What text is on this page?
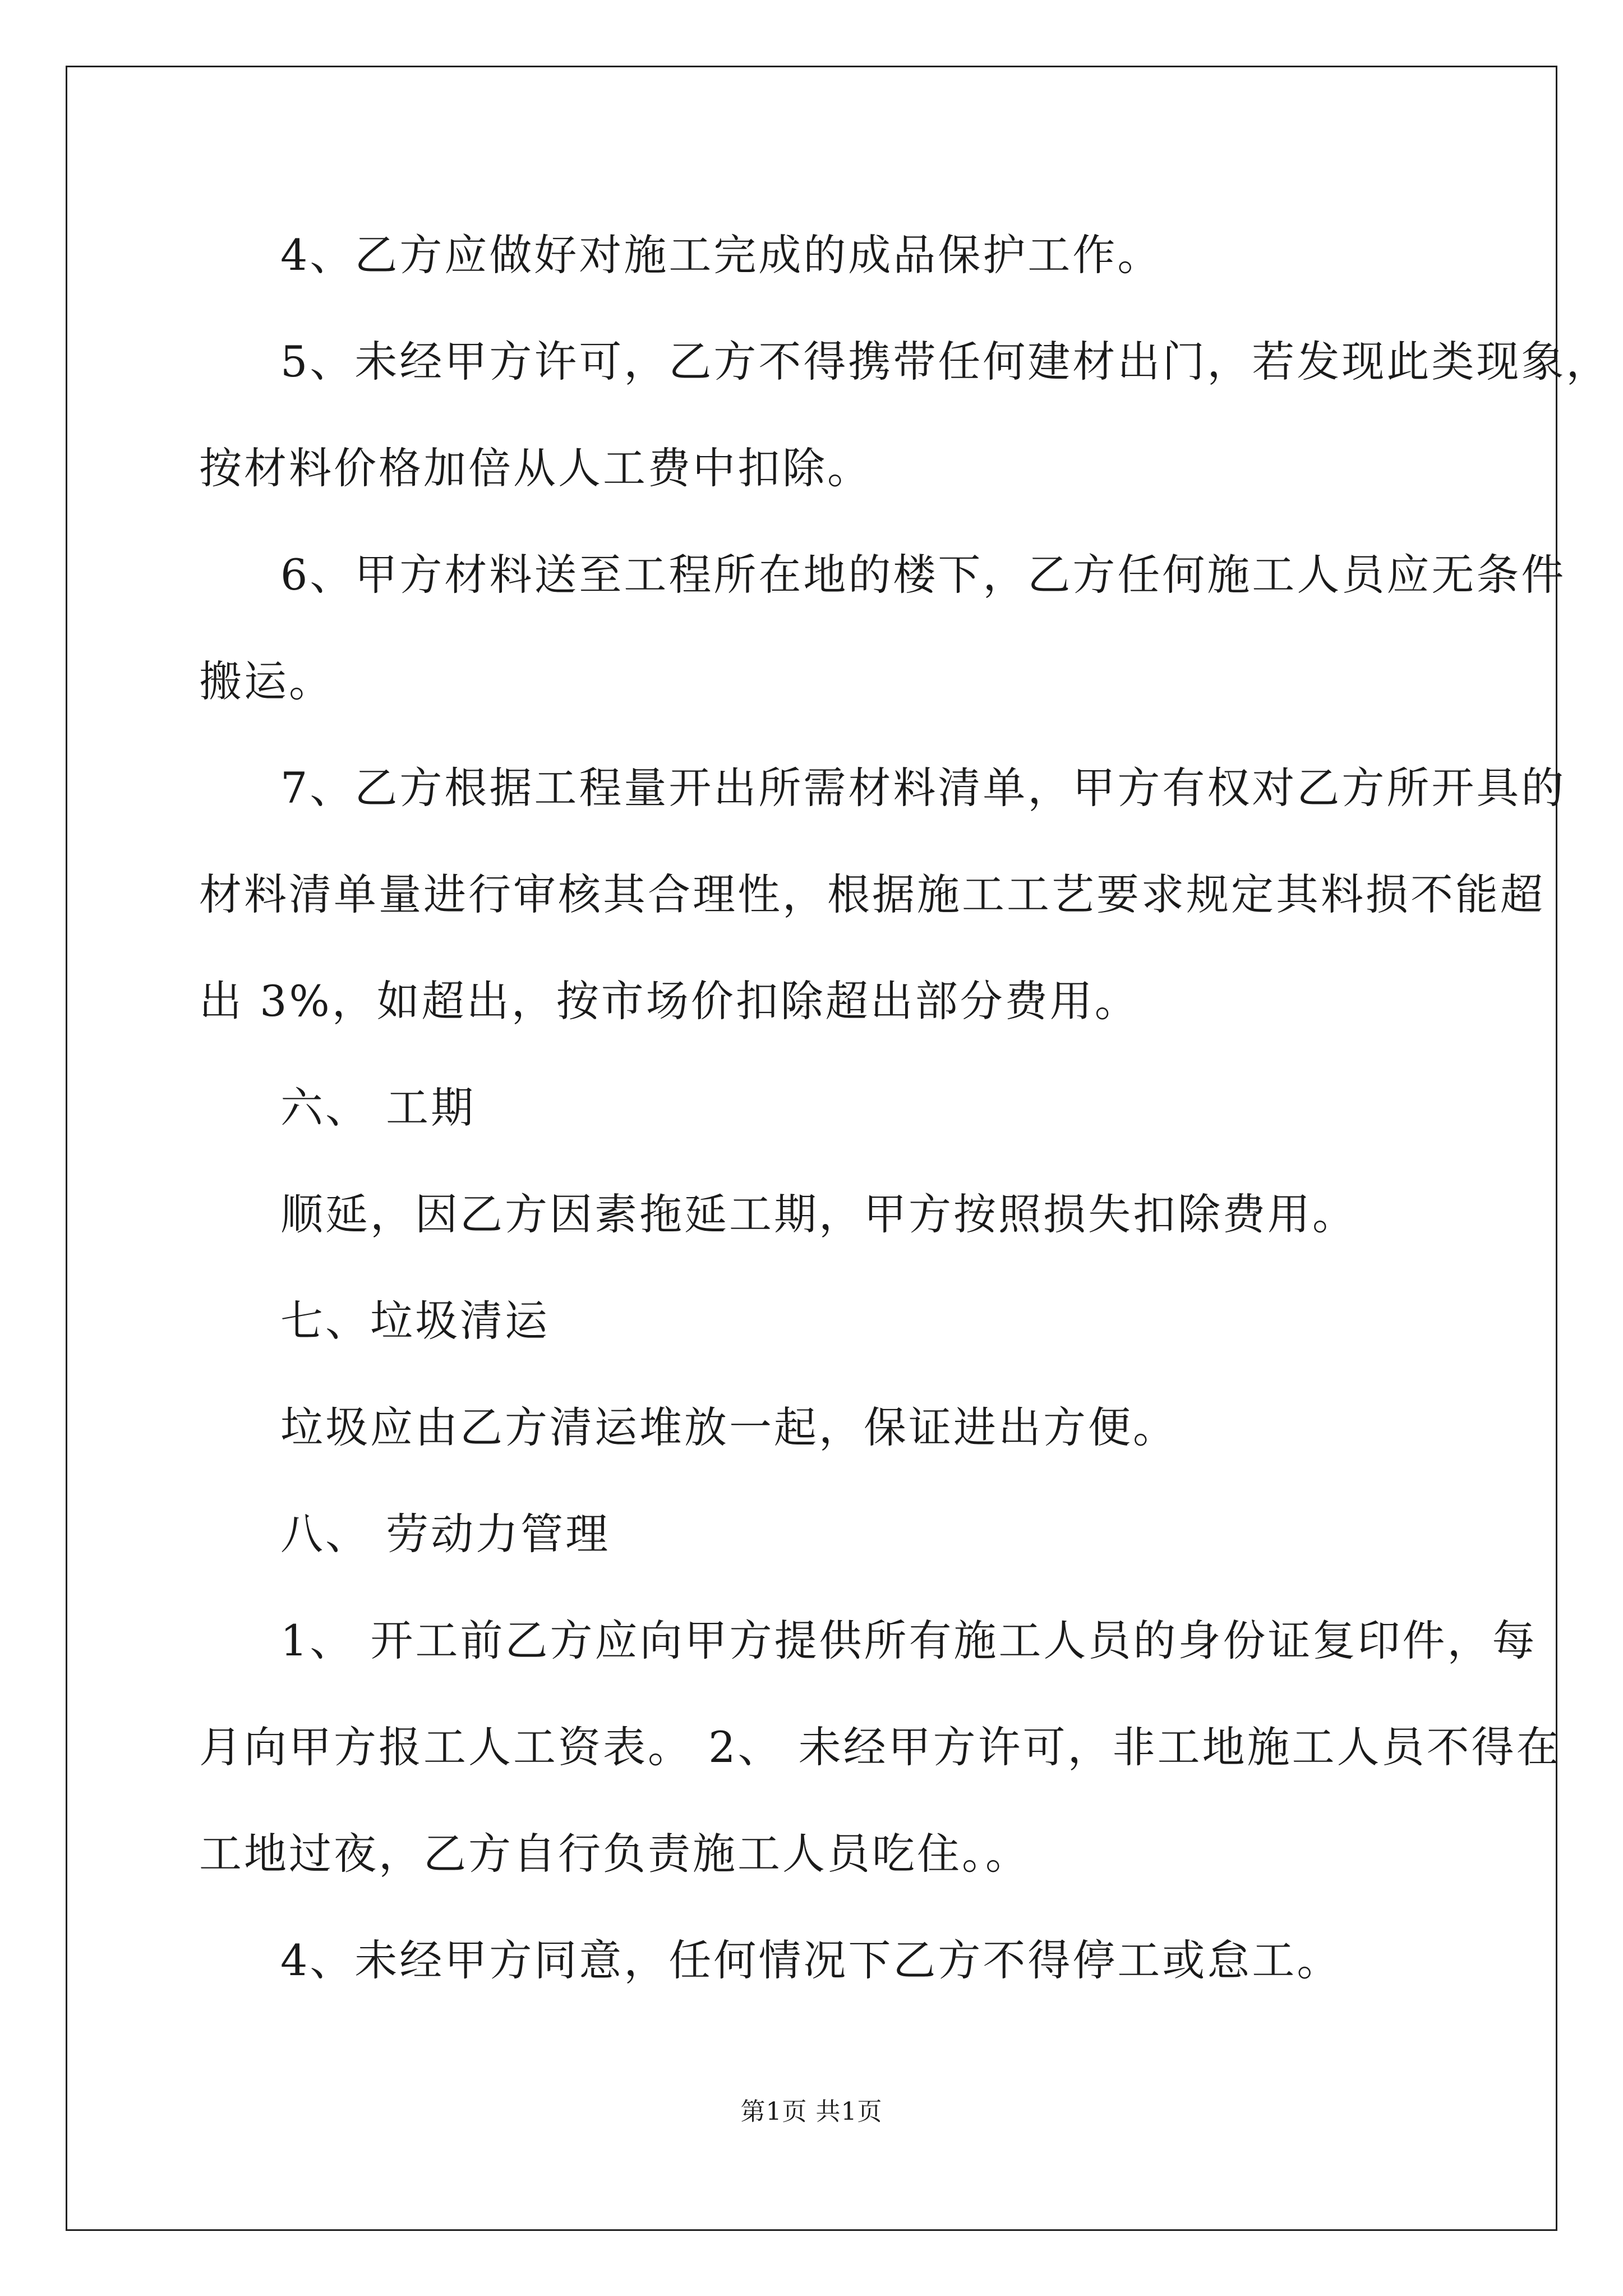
4、乙方应做好对施工完成的成品保护工作。
5、未经甲方许可，乙方不得携带任何建材出门，若发现此类现象，
按材料价格加倍从人工费中扣除。
6、甲方材料送至工程所在地的楼下，乙方任何施工人员应无条件
搬运。
7、乙方根据工程量开出所需材料清单，甲方有权对乙方所开具的
材料清单量进行审核其合理性，根据施工工艺要求规定其料损不能超
出 3%，如超出，按市场价扣除超出部分费用。
六、 工期
顺延，因乙方因素拖延工期，甲方按照损失扣除费用。
七、垃圾清运
垃圾应由乙方清运堆放一起，保证进出方便。
八、 劳动力管理
1、 开工前乙方应向甲方提供所有施工人员的身份证复印件，每
月向甲方报工人工资表。 2、 未经甲方许可，非工地施工人员不得在
工地过夜，乙方自行负责施工人员吃住。。
4、未经甲方同意，任何情况下乙方不得停工或怠工。
第1页 共1页
